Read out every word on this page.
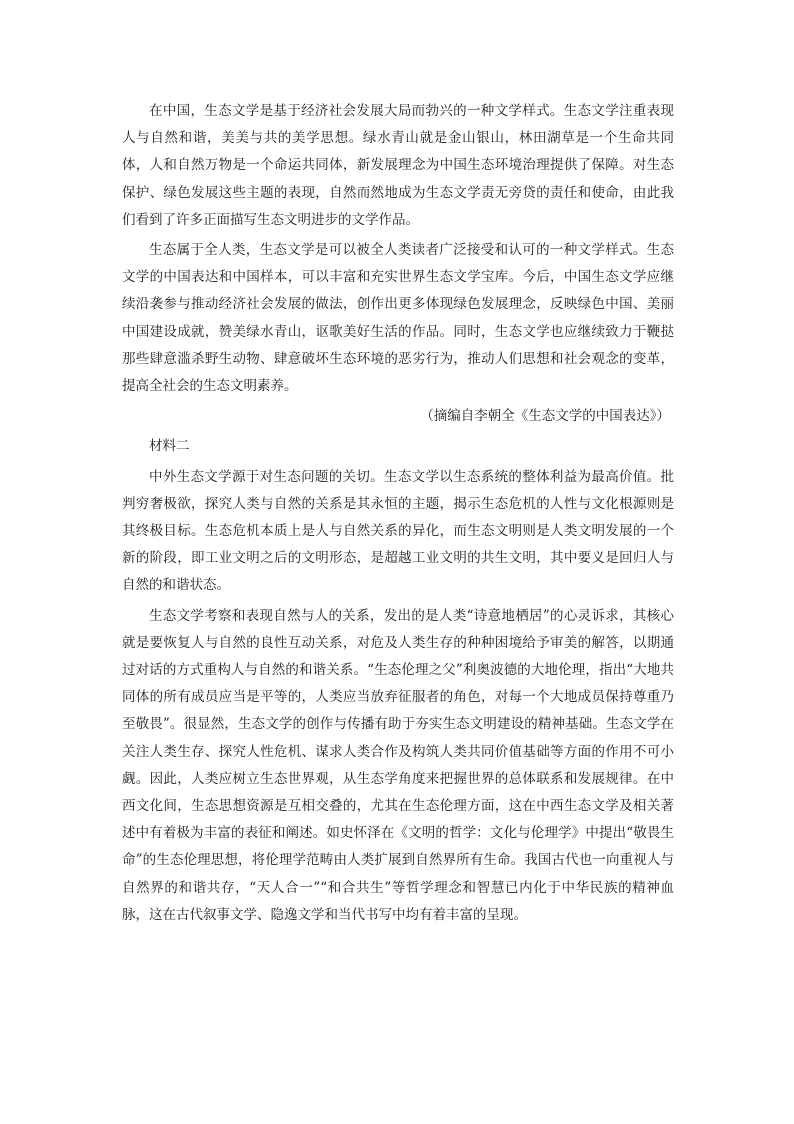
在中国，生态文学是基于经济社会发展大局而勃兴的一种文学样式。生态文学注重表现人与自然和谐，美美与共的美学思想。绿水青山就是金山银山，林田湖草是一个生命共同体，人和自然万物是一个命运共同体，新发展理念为中国生态环境治理提供了保障。对生态保护、绿色发展这些主题的表现，自然而然地成为生态文学责无旁贷的责任和使命，由此我们看到了许多正面描写生态文明进步的文学作品。

生态属于全人类，生态文学是可以被全人类读者广泛接受和认可的一种文学样式。生态文学的中国表达和中国样本，可以丰富和充实世界生态文学宝库。今后，中国生态文学应继续沿袭参与推动经济社会发展的做法，创作出更多体现绿色发展理念，反映绿色中国、美丽中国建设成就，赞美绿水青山，讴歌美好生活的作品。同时，生态文学也应继续致力于鞭挞那些肆意滥杀野生动物、肆意破坏生态环境的恶劣行为，推动人们思想和社会观念的变革，提高全社会的生态文明素养。

（摘编自李朝全《生态文学的中国表达》）

材料二

中外生态文学源于对生态问题的关切。生态文学以生态系统的整体利益为最高价值。批判穷奢极欲，探究人类与自然的关系是其永恒的主题，揭示生态危机的人性与文化根源则是其终极目标。生态危机本质上是人与自然关系的异化，而生态文明则是人类文明发展的一个新的阶段，即工业文明之后的文明形态，是超越工业文明的共生文明，其中要义是回归人与自然的和谐状态。

生态文学考察和表现自然与人的关系，发出的是人类“诗意地栖居”的心灵诉求，其核心就是要恢复人与自然的良性互动关系，对危及人类生存的种种困境给予审美的解答，以期通过对话的方式重构人与自然的和谐关系。“生态伦理之父”利奥波德的大地伦理，指出“大地共同体的所有成员应当是平等的，人类应当放弃征服者的角色，对每一个大地成员保持尊重乃至敬畏”。很显然，生态文学的创作与传播有助于夯实生态文明建设的精神基础。生态文学在关注人类生存、探究人性危机、谋求人类合作及构筑人类共同价值基础等方面的作用不可小觑。因此，人类应树立生态世界观，从生态学角度来把握世界的总体联系和发展规律。在中西文化间，生态思想资源是互相交叠的，尤其在生态伦理方面，这在中西生态文学及相关著述中有着极为丰富的表征和阐述。如史怀泽在《文明的哲学：文化与伦理学》中提出“敬畏生命”的生态伦理思想，将伦理学范畴由人类扩展到自然界所有生命。我国古代也一向重视人与自然界的和谐共存，“天人合一”“和合共生”等哲学理念和智慧已内化于中华民族的精神血脉，这在古代叙事文学、隐逸文学和当代书写中均有着丰富的呈现。
